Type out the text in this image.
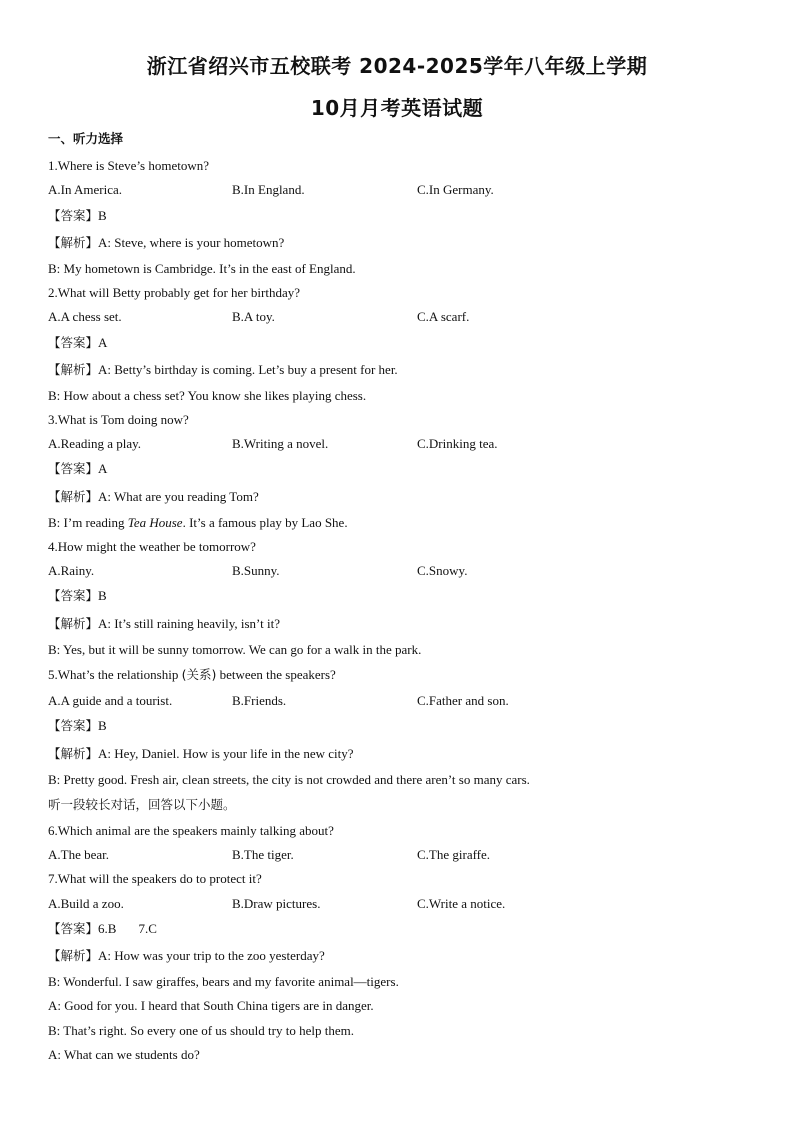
浙江省绍兴市五校联考 2024-2025学年八年级上学期
10月月考英语试题
一、听力选择
1.Where is Steve’s hometown?
A.In America.	B.In England.	C.In Germany.
【答案】B
【解析】A: Steve, where is your hometown?
B: My hometown is Cambridge. It’s in the east of England.
2.What will Betty probably get for her birthday?
A.A chess set.	B.A toy.	C.A scarf.
【答案】A
【解析】A: Betty’s birthday is coming. Let’s buy a present for her.
B: How about a chess set? You know she likes playing chess.
3.What is Tom doing now?
A.Reading a play.	B.Writing a novel.	C.Drinking tea.
【答案】A
【解析】A: What are you reading Tom?
B: I’m reading Tea House. It’s a famous play by Lao She.
4.How might the weather be tomorrow?
A.Rainy.	B.Sunny.	C.Snowy.
【答案】B
【解析】A: It’s still raining heavily, isn’t it?
B: Yes, but it will be sunny tomorrow. We can go for a walk in the park.
5.What’s the relationship (关系) between the speakers?
A.A guide and a tourist.	B.Friends.	C.Father and son.
【答案】B
【解析】A: Hey, Daniel. How is your life in the new city?
B: Pretty good. Fresh air, clean streets, the city is not crowded and there aren’t so many cars.
听一段较长对话，回答以下小题。
6.Which animal are the speakers mainly talking about?
A.The bear.	B.The tiger.	C.The giraffe.
7.What will the speakers do to protect it?
A.Build a zoo.	B.Draw pictures.	C.Write a notice.
【答案】6.B 7.C
【解析】A: How was your trip to the zoo yesterday?
B: Wonderful. I saw giraffes, bears and my favorite animal—tigers.
A: Good for you. I heard that South China tigers are in danger.
B: That’s right. So every one of us should try to help them.
A: What can we students do?
